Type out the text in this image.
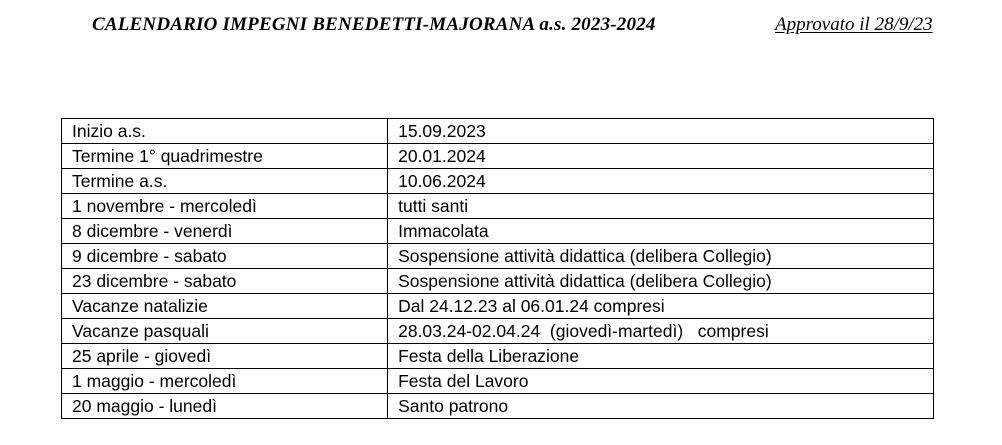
CALENDARIO IMPEGNI BENEDETTI-MAJORANA a.s. 2023-2024	Approvato il 28/9/23
Inizio a.s.	15.09.2023
Termine 1° quadrimestre	20.01.2024
Termine a.s.	10.06.2024
1 novembre - mercoledì	tutti santi
8 dicembre - venerdì	Immacolata
9 dicembre - sabato	Sospensione attività didattica (delibera Collegio)
23 dicembre - sabato	Sospensione attività didattica (delibera Collegio)
Vacanze natalizie	Dal 24.12.23 al 06.01.24 compresi
Vacanze pasquali	28.03.24-02.04.24  (giovedì-martedì)   compresi
25 aprile - giovedì	Festa della Liberazione
1 maggio - mercoledì	Festa del Lavoro
20 maggio - lunedì	Santo patrono
